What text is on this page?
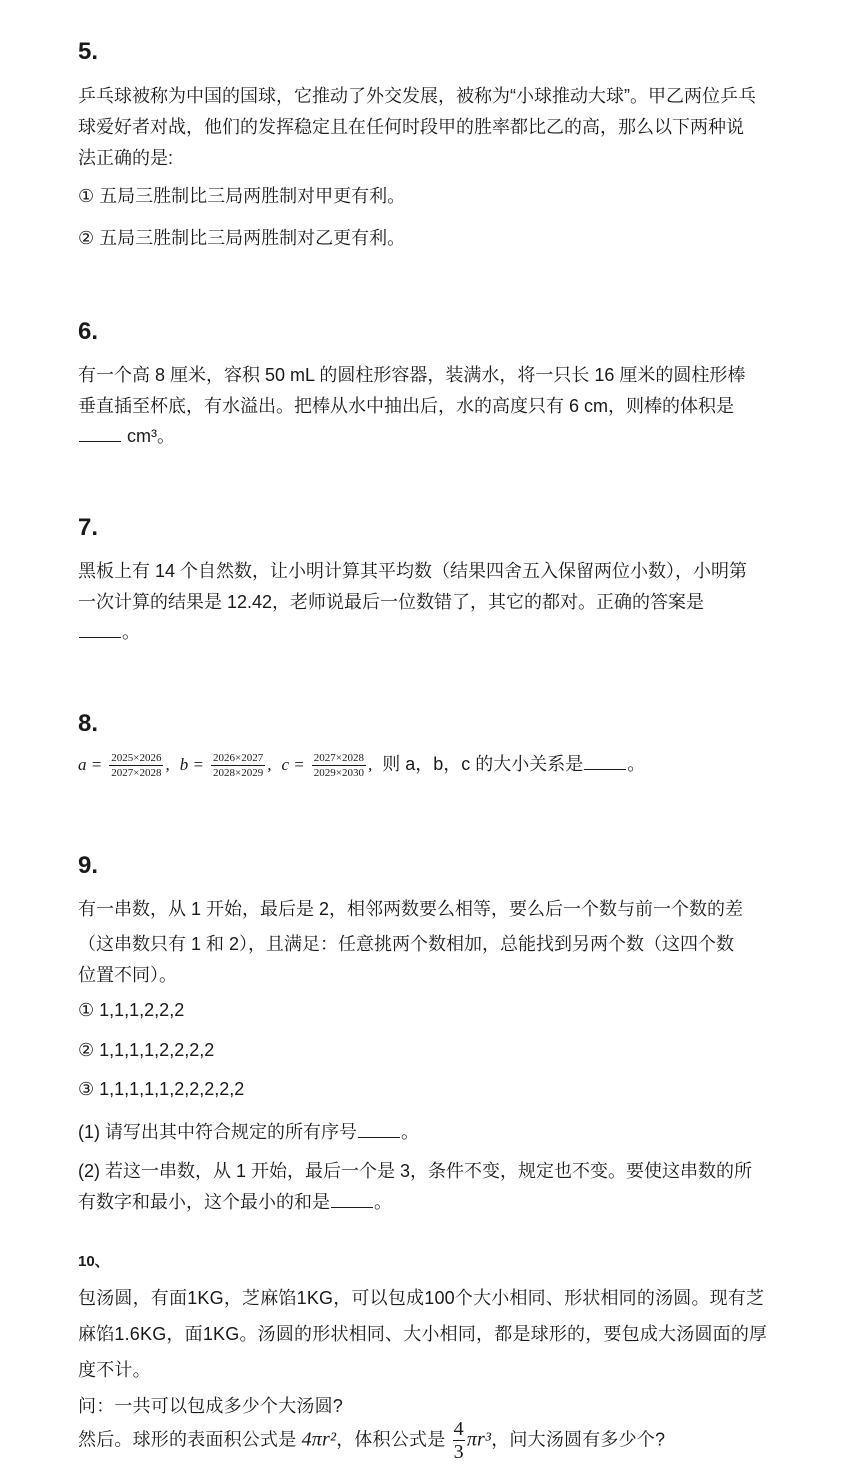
5.
乒乓球被称为中国的国球，它推动了外交发展，被称为“小球推动大球”。甲乙两位乒乓
球爱好者对战，他们的发挥稳定且在任何时段甲的胜率都比乙的高，那么以下两种说
法正确的是:
① 五局三胜制比三局两胜制对甲更有利。
② 五局三胜制比三局两胜制对乙更有利。
6.
有一个高 8 厘米，容积 50 mL 的圆柱形容器，装满水，将一只长 16 厘米的圆柱形棒
垂直插至杯底，有水溢出。把棒从水中抽出后，水的高度只有 6 cm，则棒的体积是
cm³。
7.
黑板上有 14 个自然数，让小明计算其平均数（结果四舍五入保留两位小数），小明第
一次计算的结果是 12.42，老师说最后一位数错了，其它的都对。正确的答案是
。
8.
$a = \frac{2025\times 2026}{2027\times 2028}$ , $b = \frac{2026\times 2027}{2028\times 2029}$ , $c = \frac{2027\times 2028}{2029\times 2030}$ , 则 a，b，c 的大小关系是 。
9.
有一串数，从 1 开始，最后是 2，相邻两数要么相等，要么后一个数与前一个数的差
（这串数只有 1 和 2），且满足：任意挑两个数相加，总能找到另两个数（这四个数
位置不同）。
① 1,1,1,2,2,2
② 1,1,1,1,2,2,2,2
③ 1,1,1,1,1,2,2,2,2,2
(1) 请写出其中符合规定的所有序号 。
(2) 若这一串数，从 1 开始，最后一个是 3，条件不变，规定也不变。要使这串数的所
有数字和最小，这个最小的和是 。
10、
包汤圆，有面1KG，芝麻馅1KG，可以包成100个大小相同、形状相同的汤圆。现有芝
麻馅1.6KG，面1KG。汤圆的形状相同、大小相同，都是球形的，要包成大汤圆面的厚
度不计。
问：一共可以包成多少个大汤圆?
然后。球形的表面积公式是 4πr²，体积公式是 $\frac{4}{3} \pi r^3$，问大汤圆有多少个?
